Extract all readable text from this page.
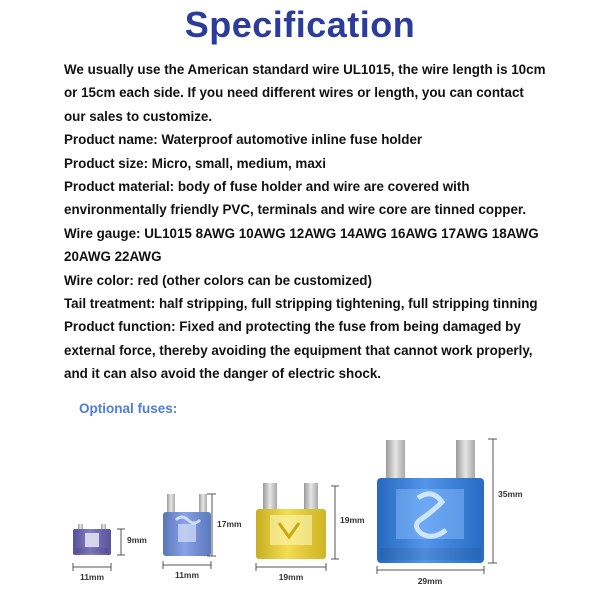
Specification
We usually use the American standard wire UL1015, the wire length is 10cm
or 15cm each side. If you need different wires or length, you can contact
our sales to customize.
Product name: Waterproof automotive inline fuse holder
Product size: Micro, small, medium, maxi
Product material: body of fuse holder and wire are covered with
environmentally friendly PVC, terminals and wire core are tinned copper.
Wire gauge: UL1015 8AWG 10AWG 12AWG 14AWG 16AWG 17AWG 18AWG
20AWG 22AWG
Wire color: red (other colors can be customized)
Tail treatment: half stripping, full stripping tightening, full stripping tinning
Product function: Fixed and protecting the fuse from being damaged by
external force, thereby avoiding the equipment that cannot work properly,
and it can also avoid the danger of electric shock.
Optional fuses:
9mm
11mm
17mm
11mm
19mm
19mm
35mm
29mm
